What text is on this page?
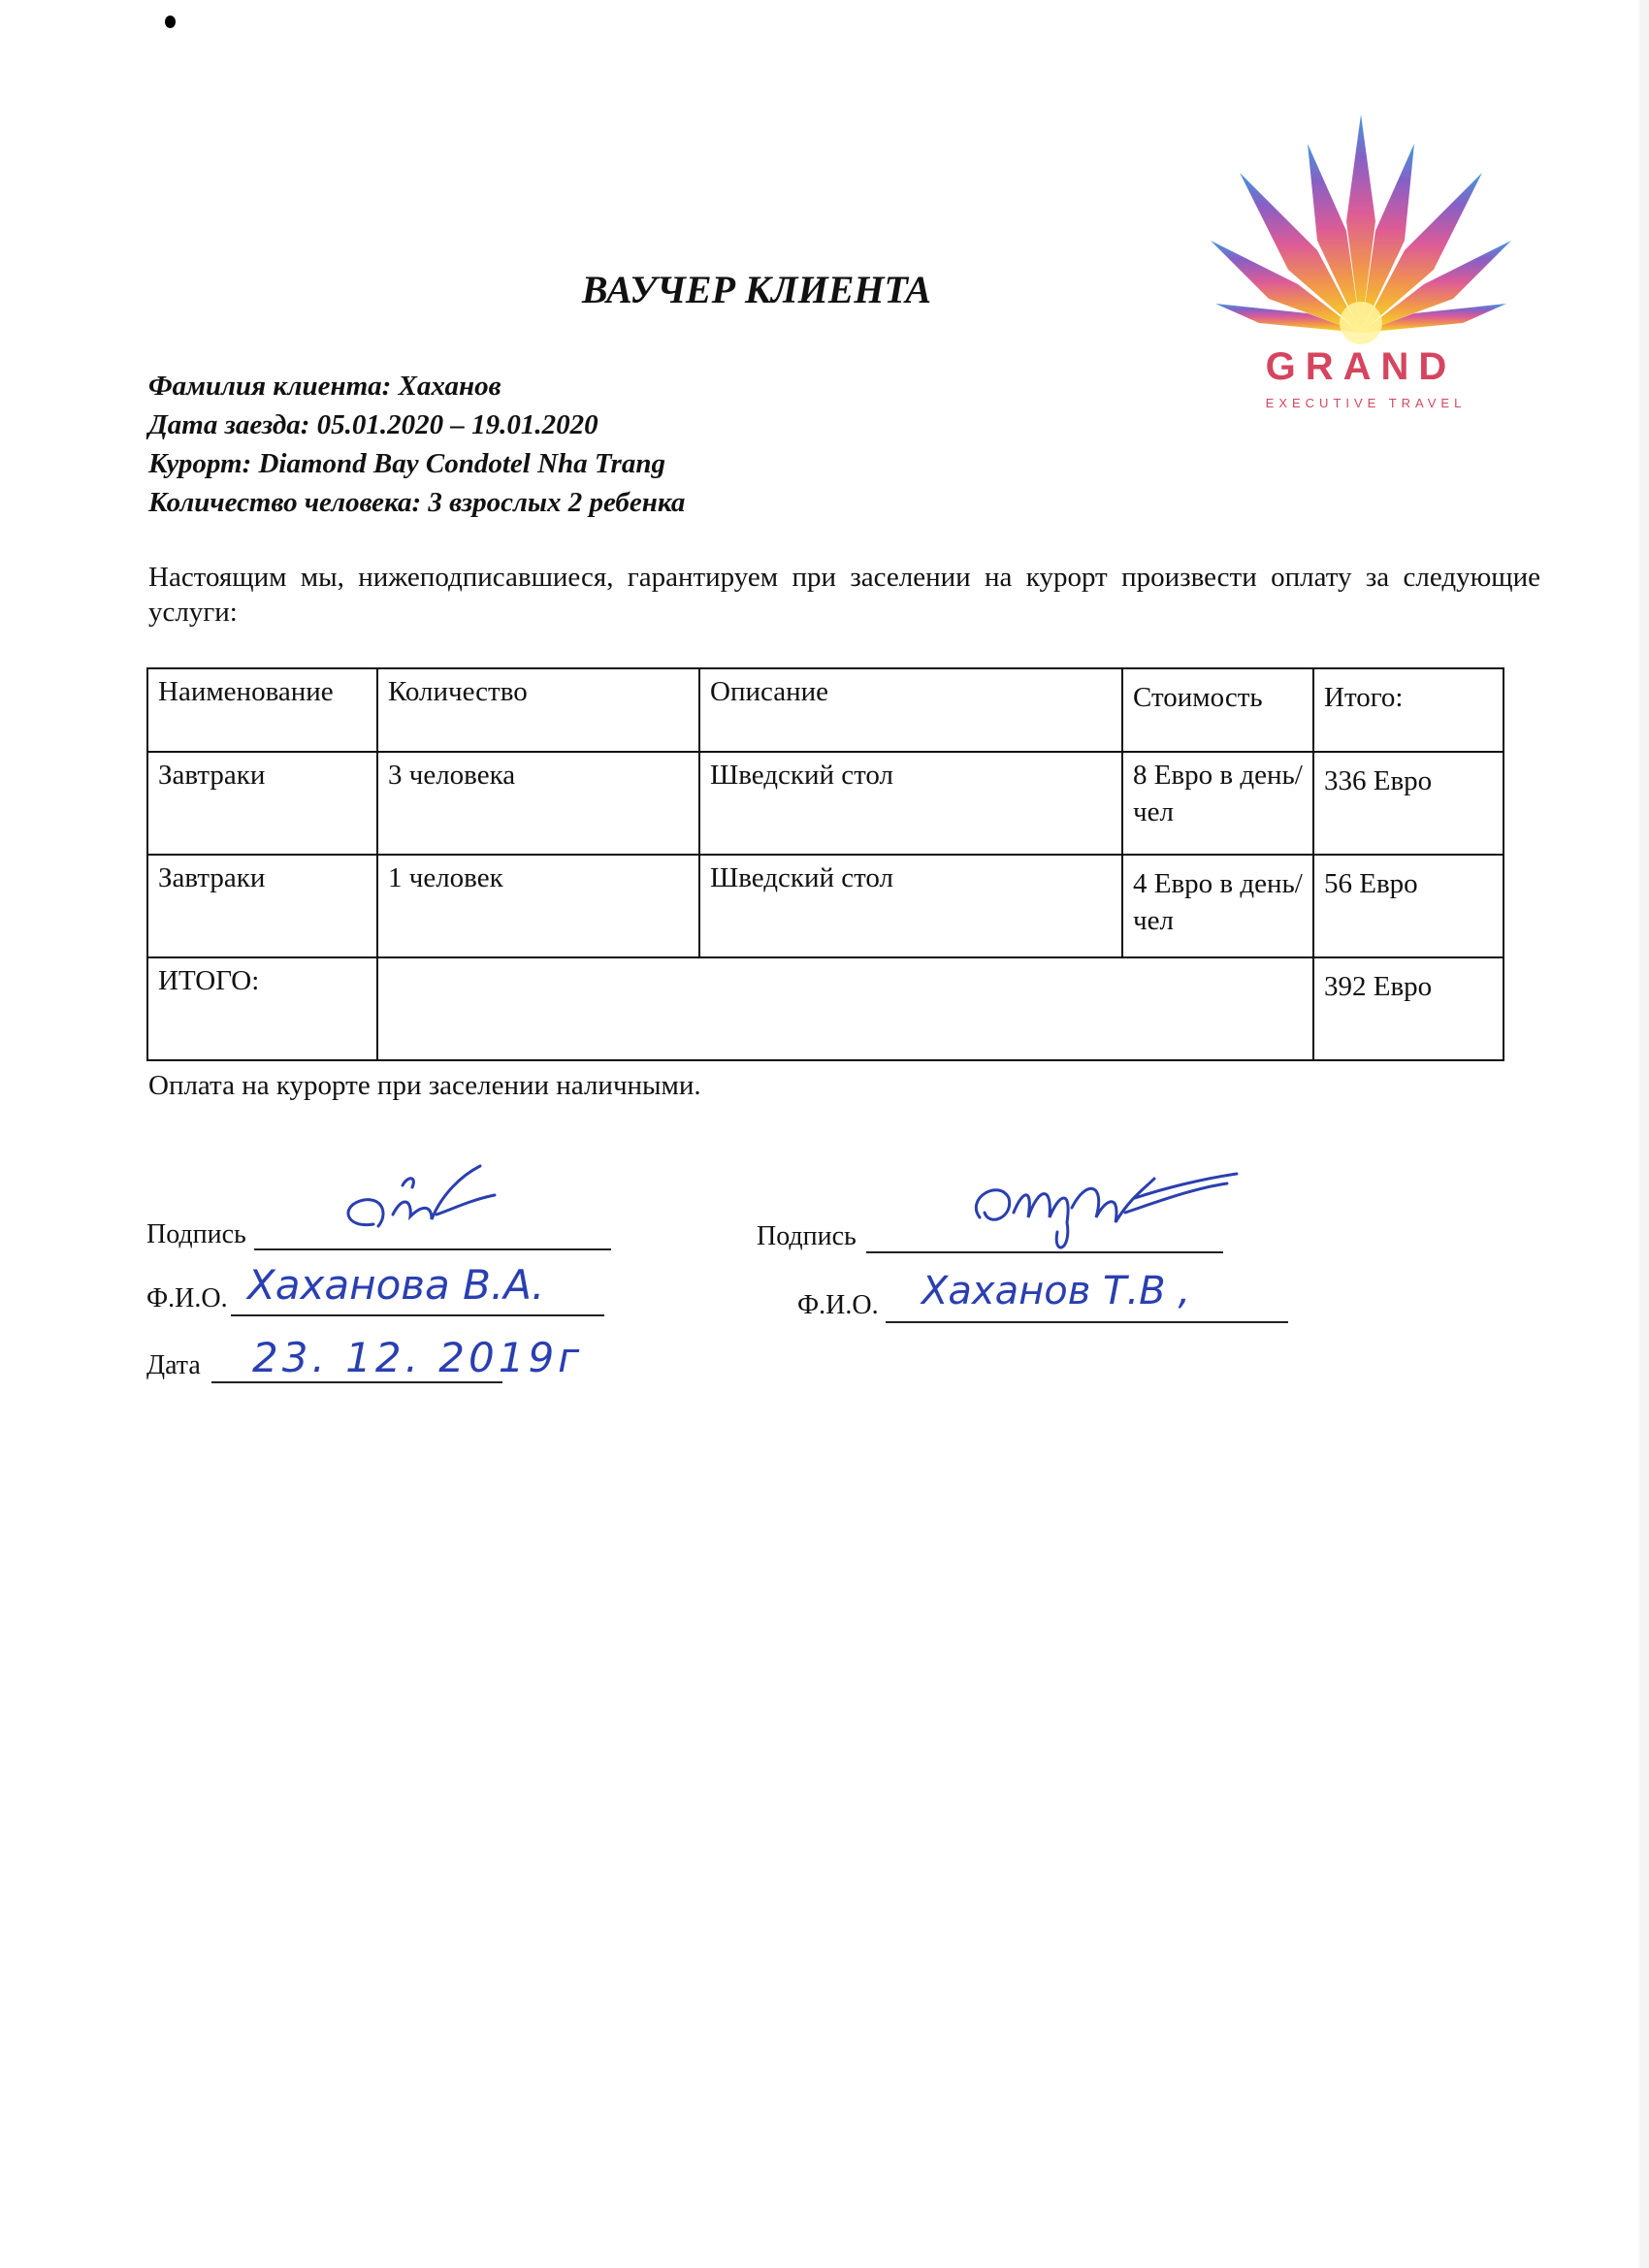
GRAND
EXECUTIVE TRAVEL
ВАУЧЕР КЛИЕНТА
Фамилия клиента: Хаханов
Дата заезда: 05.01.2020 – 19.01.2020
Курорт: Diamond Bay Condotel Nha Trang
Количество человека: 3 взрослых 2 ребенка
Настоящим мы, нижеподписавшиеся, гарантируем при заселении на курорт произвести оплату за следующие услуги:
Наименование	Количество	Описание	Стоимость	Итого:
Завтраки	3 человека	Шведский стол	8 Евро в день/ чел	336 Евро
Завтраки	1 человек	Шведский стол	4 Евро в день/ чел	56 Евро
ИТОГО:				392 Евро
Оплата на курорте при заселении наличными.
Подпись
Ф.И.О. Хаханова В.А.
Дата 23. 12. 2019г
Подпись
Ф.И.О. Хаханов Т.В ,
